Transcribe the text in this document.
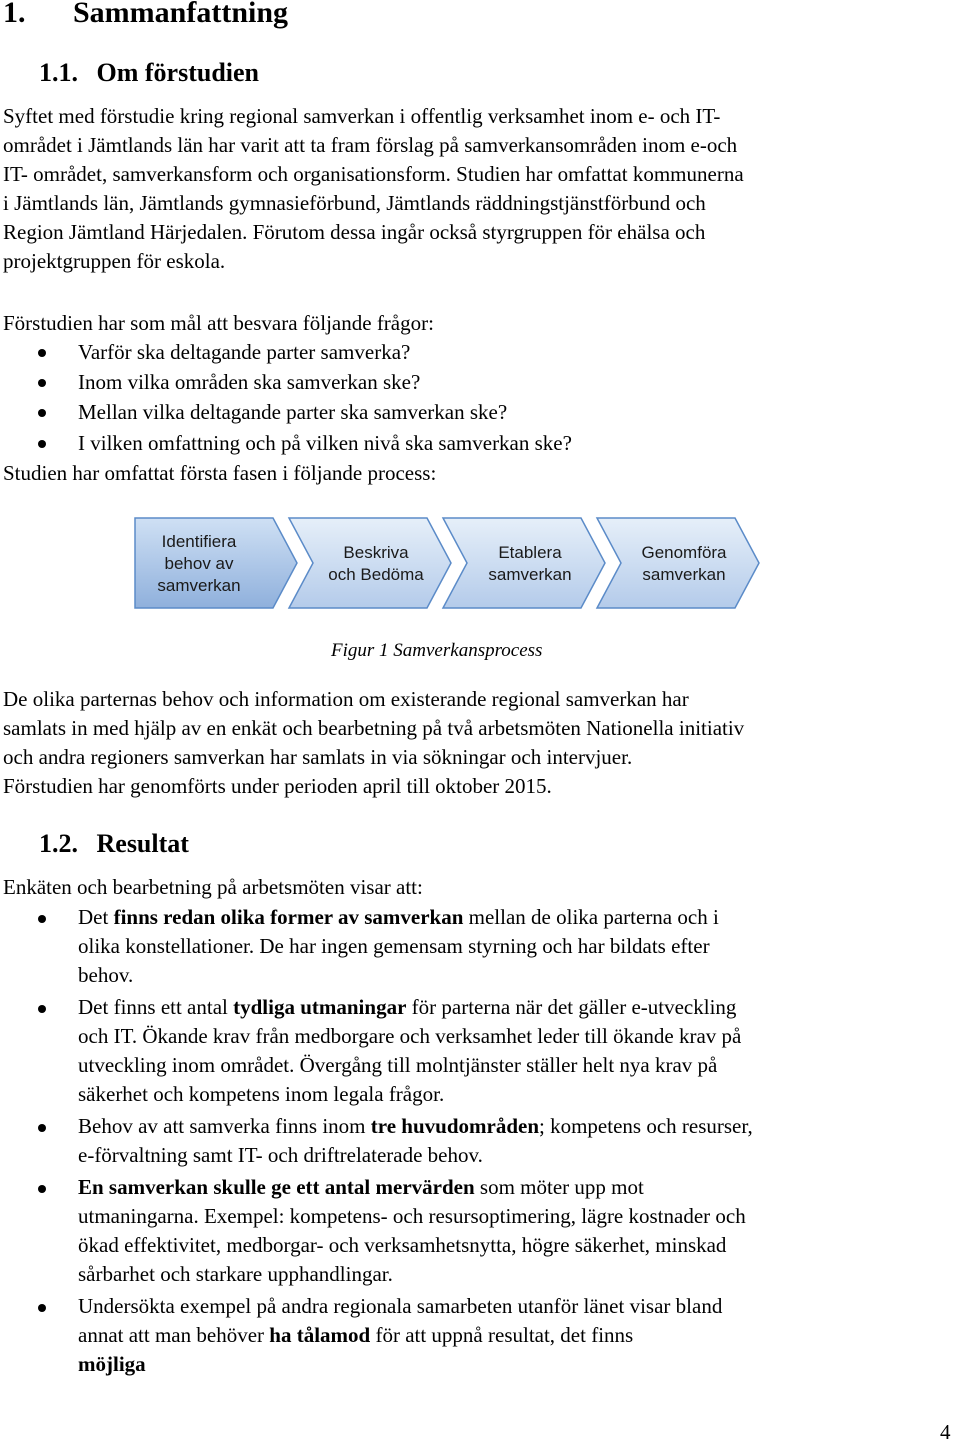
1. Sammanfattning
1.1. Om förstudien
Syftet med förstudie kring regional samverkan i offentlig verksamhet inom e- och IT-
området i Jämtlands län har varit att ta fram förslag på samverkansområden inom e-och
IT- området, samverkansform och organisationsform. Studien har omfattat kommunerna
i Jämtlands län, Jämtlands gymnasieförbund, Jämtlands räddningstjänstförbund och
Region Jämtland Härjedalen. Förutom dessa ingår också styrgruppen för ehälsa och
projektgruppen för eskola.
Förstudien har som mål att besvara följande frågor:
Varför ska deltagande parter samverka?
Inom vilka områden ska samverkan ske?
Mellan vilka deltagande parter ska samverkan ske?
I vilken omfattning och på vilken nivå ska samverkan ske?
Studien har omfattat första fasen i följande process:
Identifiera
behov av
samverkan
Beskriva
och Bedöma
Etablera
samverkan
Genomföra
samverkan
Figur 1 Samverkansprocess
De olika parternas behov och information om existerande regional samverkan har
samlats in med hjälp av en enkät och bearbetning på två arbetsmöten Nationella initiativ
och andra regioners samverkan har samlats in via sökningar och intervjuer.
Förstudien har genomförts under perioden april till oktober 2015.
1.2. Resultat
Enkäten och bearbetning på arbetsmöten visar att:
Det finns redan olika former av samverkan mellan de olika parterna och i
olika konstellationer. De har ingen gemensam styrning och har bildats efter
behov.
Det finns ett antal tydliga utmaningar för parterna när det gäller e-utveckling
och IT. Ökande krav från medborgare och verksamhet leder till ökande krav på
utveckling inom området. Övergång till molntjänster ställer helt nya krav på
säkerhet och kompetens inom legala frågor.
Behov av att samverka finns inom tre huvudområden; kompetens och resurser,
e-förvaltning samt IT- och driftrelaterade behov.
En samverkan skulle ge ett antal mervärden som möter upp mot
utmaningarna. Exempel: kompetens- och resursoptimering, lägre kostnader och
ökad effektivitet, medborgar- och verksamhetsnytta, högre säkerhet, minskad
sårbarhet och starkare upphandlingar.
Undersökta exempel på andra regionala samarbeten utanför länet visar bland
annat att man behöver ha tålamod för att uppnå resultat, det finns
möjliga
4
